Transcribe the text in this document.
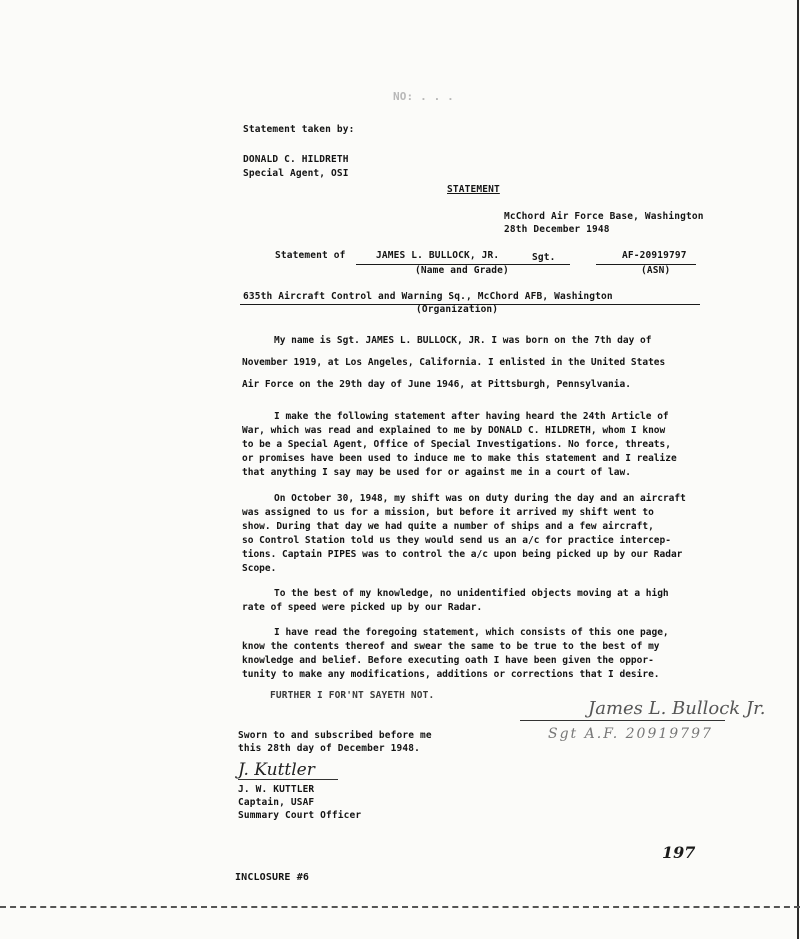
NO: . . .
Statement taken by:
DONALD C. HILDRETH
Special Agent, OSI
STATEMENT
McChord Air Force Base, Washington
28th December 1948
Statement of	JAMES L. BULLOCK, JR.	Sgt.	AF-20919797
(Name and Grade)	(ASN)
635th Aircraft Control and Warning Sq., McChord AFB, Washington
(Organization)
My name is Sgt. JAMES L. BULLOCK, JR. I was born on the 7th day of
November 1919, at Los Angeles, California. I enlisted in the United States
Air Force on the 29th day of June 1946, at Pittsburgh, Pennsylvania.
I make the following statement after having heard the 24th Article of
War, which was read and explained to me by DONALD C. HILDRETH, whom I know
to be a Special Agent, Office of Special Investigations. No force, threats,
or promises have been used to induce me to make this statement and I realize
that anything I say may be used for or against me in a court of law.
On October 30, 1948, my shift was on duty during the day and an aircraft
was assigned to us for a mission, but before it arrived my shift went to
show. During that day we had quite a number of ships and a few aircraft,
so Control Station told us they would send us an a/c for practice intercep-
tions. Captain PIPES was to control the a/c upon being picked up by our Radar
Scope.
To the best of my knowledge, no unidentified objects moving at a high
rate of speed were picked up by our Radar.
I have read the foregoing statement, which consists of this one page,
know the contents thereof and swear the same to be true to the best of my
knowledge and belief. Before executing oath I have been given the oppor-
tunity to make any modifications, additions or corrections that I desire.
FURTHER I FOR'NT SAYETH NOT.
James L. Bullock Jr.
Sgt A.F. 20919797
Sworn to and subscribed before me
this 28th day of December 1948.
J. Kuttler
J. W. KUTTLER
Captain, USAF
Summary Court Officer
197
INCLOSURE #6
